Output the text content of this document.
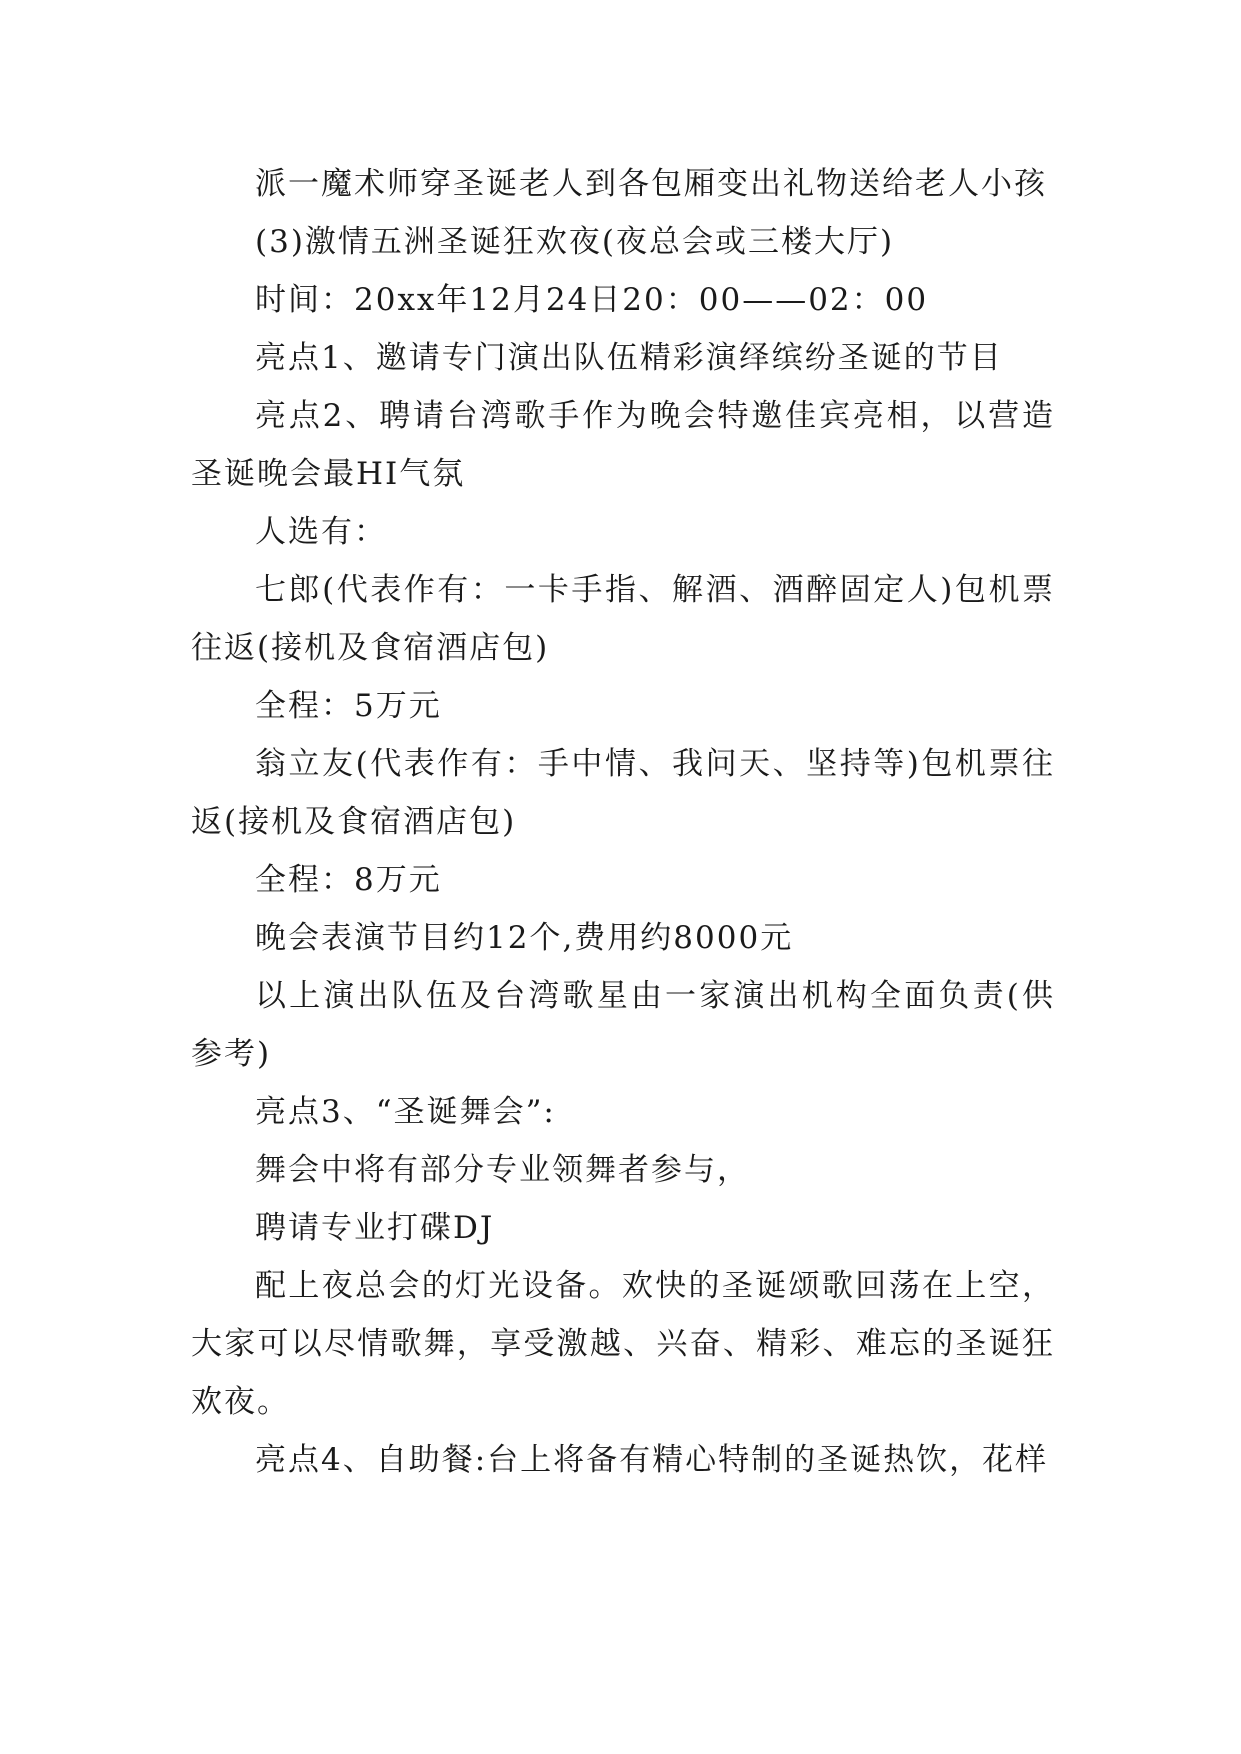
派一魔术师穿圣诞老人到各包厢变出礼物送给老人小孩

(3)激情五洲圣诞狂欢夜(夜总会或三楼大厅)

时间：20xx年12月24日20：00——02：00

亮点1、邀请专门演出队伍精彩演绎缤纷圣诞的节目

亮点2、聘请台湾歌手作为晚会特邀佳宾亮相，以营造圣诞晚会最HI气氛

人选有：

七郎(代表作有：一卡手指、解酒、酒醉固定人)包机票往返(接机及食宿酒店包)

全程：5万元

翁立友(代表作有：手中情、我问天、坚持等)包机票往返(接机及食宿酒店包)

全程：8万元

晚会表演节目约12个,费用约8000元

以上演出队伍及台湾歌星由一家演出机构全面负责(供参考)

亮点3、“圣诞舞会”:

舞会中将有部分专业领舞者参与，

聘请专业打碟DJ

配上夜总会的灯光设备。欢快的圣诞颂歌回荡在上空，大家可以尽情歌舞，享受激越、兴奋、精彩、难忘的圣诞狂欢夜。

亮点4、自助餐:台上将备有精心特制的圣诞热饮，花样
